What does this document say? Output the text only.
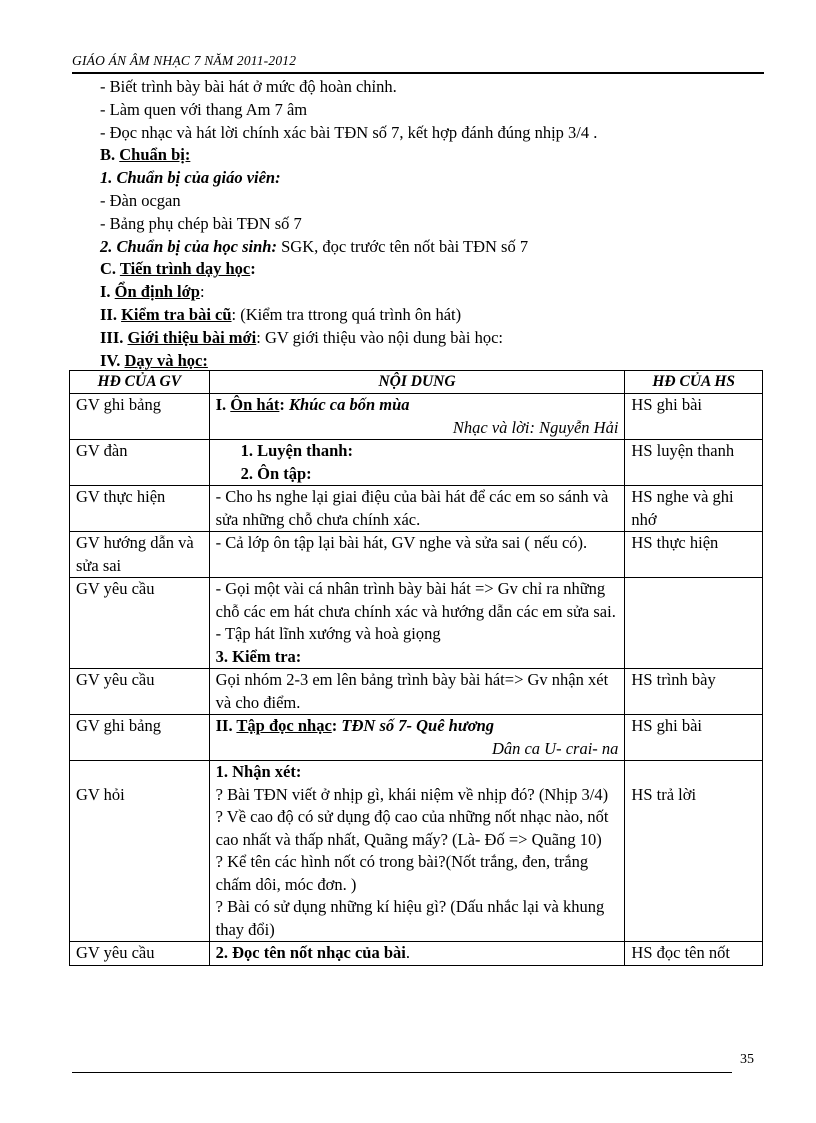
GIÁO ÁN ÂM NHẠC 7 NĂM 2011-2012

- Biết trình bày bài hát ở mức độ hoàn chỉnh.

- Làm quen với thang Am 7 âm

- Đọc nhạc và hát lời chính xác bài TĐN số 7, kết hợp đánh đúng nhịp 3/4 .

B. Chuẩn bị:

1. Chuẩn bị của giáo viên:

- Đàn ocgan

- Bảng phụ chép bài TĐN số 7

2. Chuẩn bị của học sinh: SGK, đọc trước tên nốt bài TĐN số 7

C. Tiến trình dạy học:

I. Ổn định lớp:

II. Kiểm tra bài cũ: (Kiểm tra ttrong quá trình ôn hát)

III. Giới thiệu bài mới: GV giới thiệu vào nội dung bài học:

IV. Dạy và học:

HĐ CỦA GV	NỘI DUNG	HĐ CỦA HS
GV ghi bảng	I. Ôn hát: Khúc ca bốn mùa
Nhạc và lời: Nguyễn Hải	HS ghi bài
GV đàn	1. Luyện thanh:
2. Ôn tập:	HS luyện thanh
GV thực hiện	- Cho hs nghe lại giai điệu của bài hát để các em so sánh và sửa những chỗ chưa chính xác.	HS nghe và ghi nhớ
GV hướng dẫn và sửa sai	- Cả lớp ôn tập lại bài hát, GV nghe và sửa sai ( nếu có).	HS thực hiện
GV yêu cầu	- Gọi một vài cá nhân trình bày bài hát => Gv chỉ ra những chỗ các em hát chưa chính xác và hướng dẫn các em sửa sai.
- Tập hát lĩnh xướng và hoà giọng
3. Kiểm tra:	

GV yêu cầu	Gọi nhóm 2-3 em lên bảng trình bày bài hát=> Gv nhận xét và cho điểm.	HS trình bày
GV ghi bảng	II. Tập đọc nhạc: TĐN số 7- Quê hương
Dân ca U- crai- na	HS ghi bài

GV hỏi	1. Nhận xét:
? Bài TĐN viết ở nhịp gì, khái niệm về nhịp đó? (Nhịp 3/4)
? Về cao độ có sử dụng độ cao của những nốt nhạc nào, nốt cao nhất và thấp nhất, Quãng mấy? (Là- Đố => Quãng 10)
? Kể tên các hình nốt có trong bài?(Nốt trắng, đen, trắng chấm dôi, móc đơn. )
? Bài có sử dụng những kí hiệu gì? (Dấu nhắc lại và khung thay đổi)	HS trả lời
GV yêu cầu	2. Đọc tên nốt nhạc của bài.	HS đọc tên nốt
35
